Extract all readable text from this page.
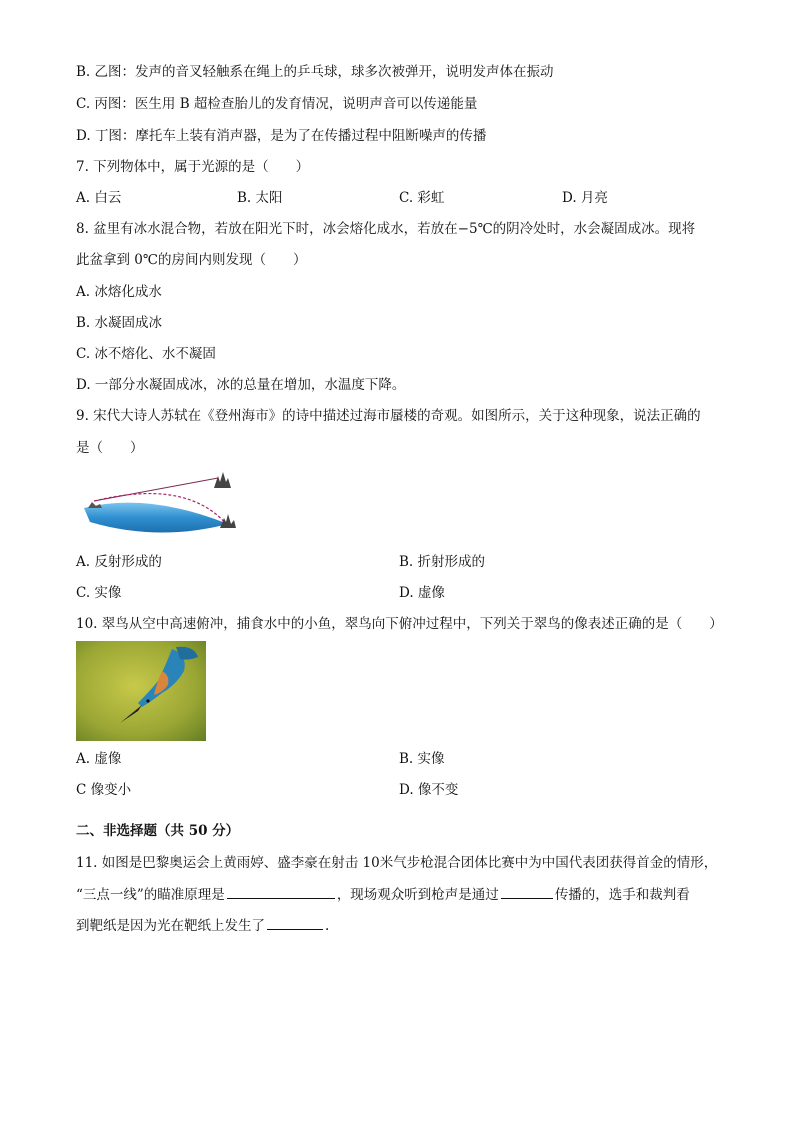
B. 乙图：发声的音叉轻触系在绳上的乒乓球，球多次被弹开，说明发声体在振动
C. 丙图：医生用 B 超检查胎儿的发育情况，说明声音可以传递能量
D. 丁图：摩托车上装有消声器，是为了在传播过程中阻断噪声的传播
7. 下列物体中，属于光源的是（　　）
A. 白云	B. 太阳	C. 彩虹	D. 月亮
8. 盆里有冰水混合物，若放在阳光下时，冰会熔化成水，若放在−5℃的阴冷处时，水会凝固成冰。现将
此盆拿到 0℃的房间内则发现（　　）
A. 冰熔化成水
B. 水凝固成冰
C. 冰不熔化、水不凝固
D. 一部分水凝固成冰，冰的总量在增加，水温度下降。
9. 宋代大诗人苏轼在《登州海市》的诗中描述过海市蜃楼的奇观。如图所示，关于这种现象，说法正确的
是（　　）
A. 反射形成的	B. 折射形成的
C. 实像	D. 虚像
10. 翠鸟从空中高速俯冲，捕食水中的小鱼，翠鸟向下俯冲过程中，下列关于翠鸟的像表述正确的是（　　）
A. 虚像	B. 实像
C 像变小	D. 像不变
二、非选择题（共 50 分）
11. 如图是巴黎奥运会上黄雨婷、盛李豪在射击 10米气步枪混合团体比赛中为中国代表团获得首金的情形，
“三点一线”的瞄准原理是	，现场观众听到枪声是通过	传播的，选手和裁判看
到靶纸是因为光在靶纸上发生了	.
